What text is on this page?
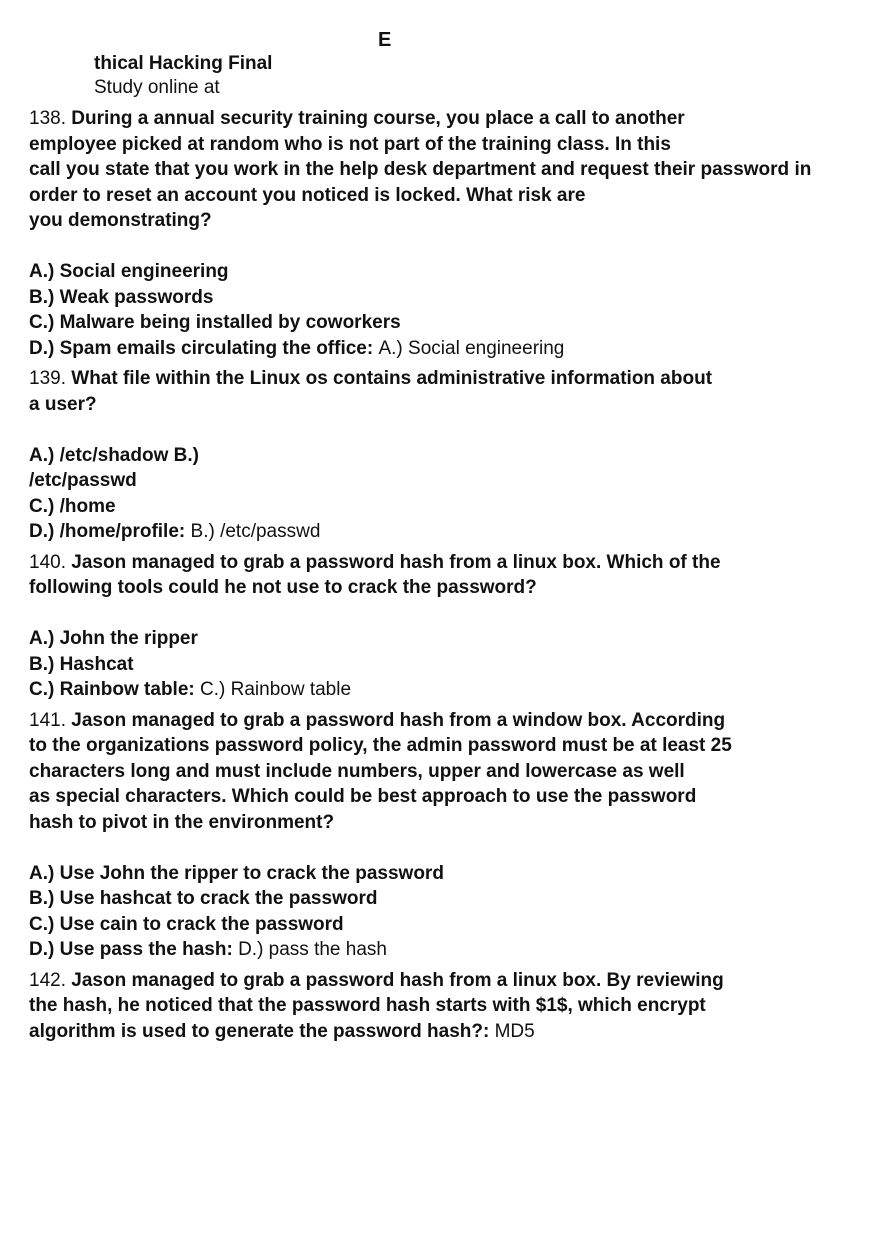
E
thical Hacking Final
Study online at
138. During a annual security training course, you place a call to another
employee picked at random who is not part of the training class. In this
call you state that you work in the help desk department and request their password in
order to reset an account you noticed is locked. What risk are
you demonstrating?
A.) Social engineering
B.) Weak passwords
C.) Malware being installed by coworkers
D.) Spam emails circulating the office: A.) Social engineering
139. What file within the Linux os contains administrative information about
a user?
A.) /etc/shadow B.)
/etc/passwd
C.) /home
D.) /home/profile: B.) /etc/passwd
140. Jason managed to grab a password hash from a linux box. Which of the
following tools could he not use to crack the password?
A.) John the ripper
B.) Hashcat
C.) Rainbow table: C.) Rainbow table
141. Jason managed to grab a password hash from a window box. According
to the organizations password policy, the admin password must be at least 25
characters long and must include numbers, upper and lowercase as well
as special characters. Which could be best approach to use the password
hash to pivot in the environment?
A.) Use John the ripper to crack the password
B.) Use hashcat to crack the password
C.) Use cain to crack the password
D.) Use pass the hash: D.) pass the hash
142. Jason managed to grab a password hash from a linux box. By reviewing
the hash, he noticed that the password hash starts with $1$, which encrypt
algorithm is used to generate the password hash?: MD5
